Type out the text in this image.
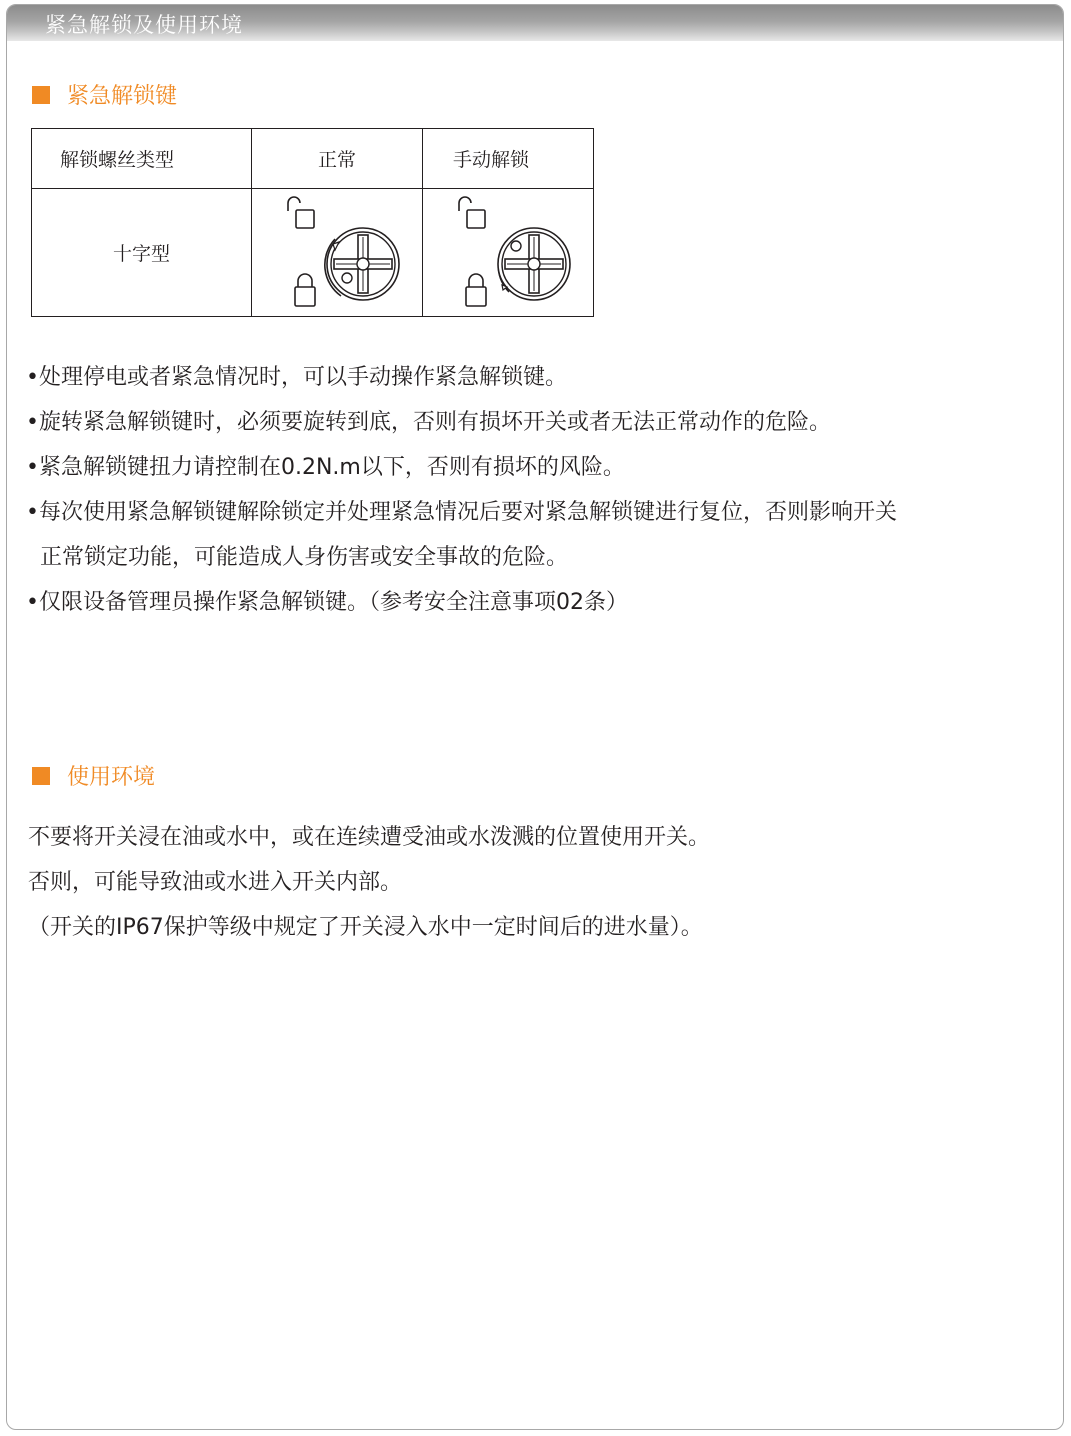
紧急解锁及使用环境
紧急解锁键
解锁螺丝类型	正常	手动解锁
十字型	

•处理停电或者紧急情况时，可以手动操作紧急解锁键。

•旋转紧急解锁键时，必须要旋转到底，否则有损坏开关或者无法正常动作的危险。

•紧急解锁键扭力请控制在0.2N.m以下，否则有损坏的风险。

•每次使用紧急解锁键解除锁定并处理紧急情况后要对紧急解锁键进行复位，否则影响开关

正常锁定功能，可能造成人身伤害或安全事故的危险。

•仅限设备管理员操作紧急解锁键。（参考安全注意事项02条）

使用环境

不要将开关浸在油或水中，或在连续遭受油或水泼溅的位置使用开关。

否则，可能导致油或水进入开关内部。

（开关的IP67保护等级中规定了开关浸入水中一定时间后的进水量）。
